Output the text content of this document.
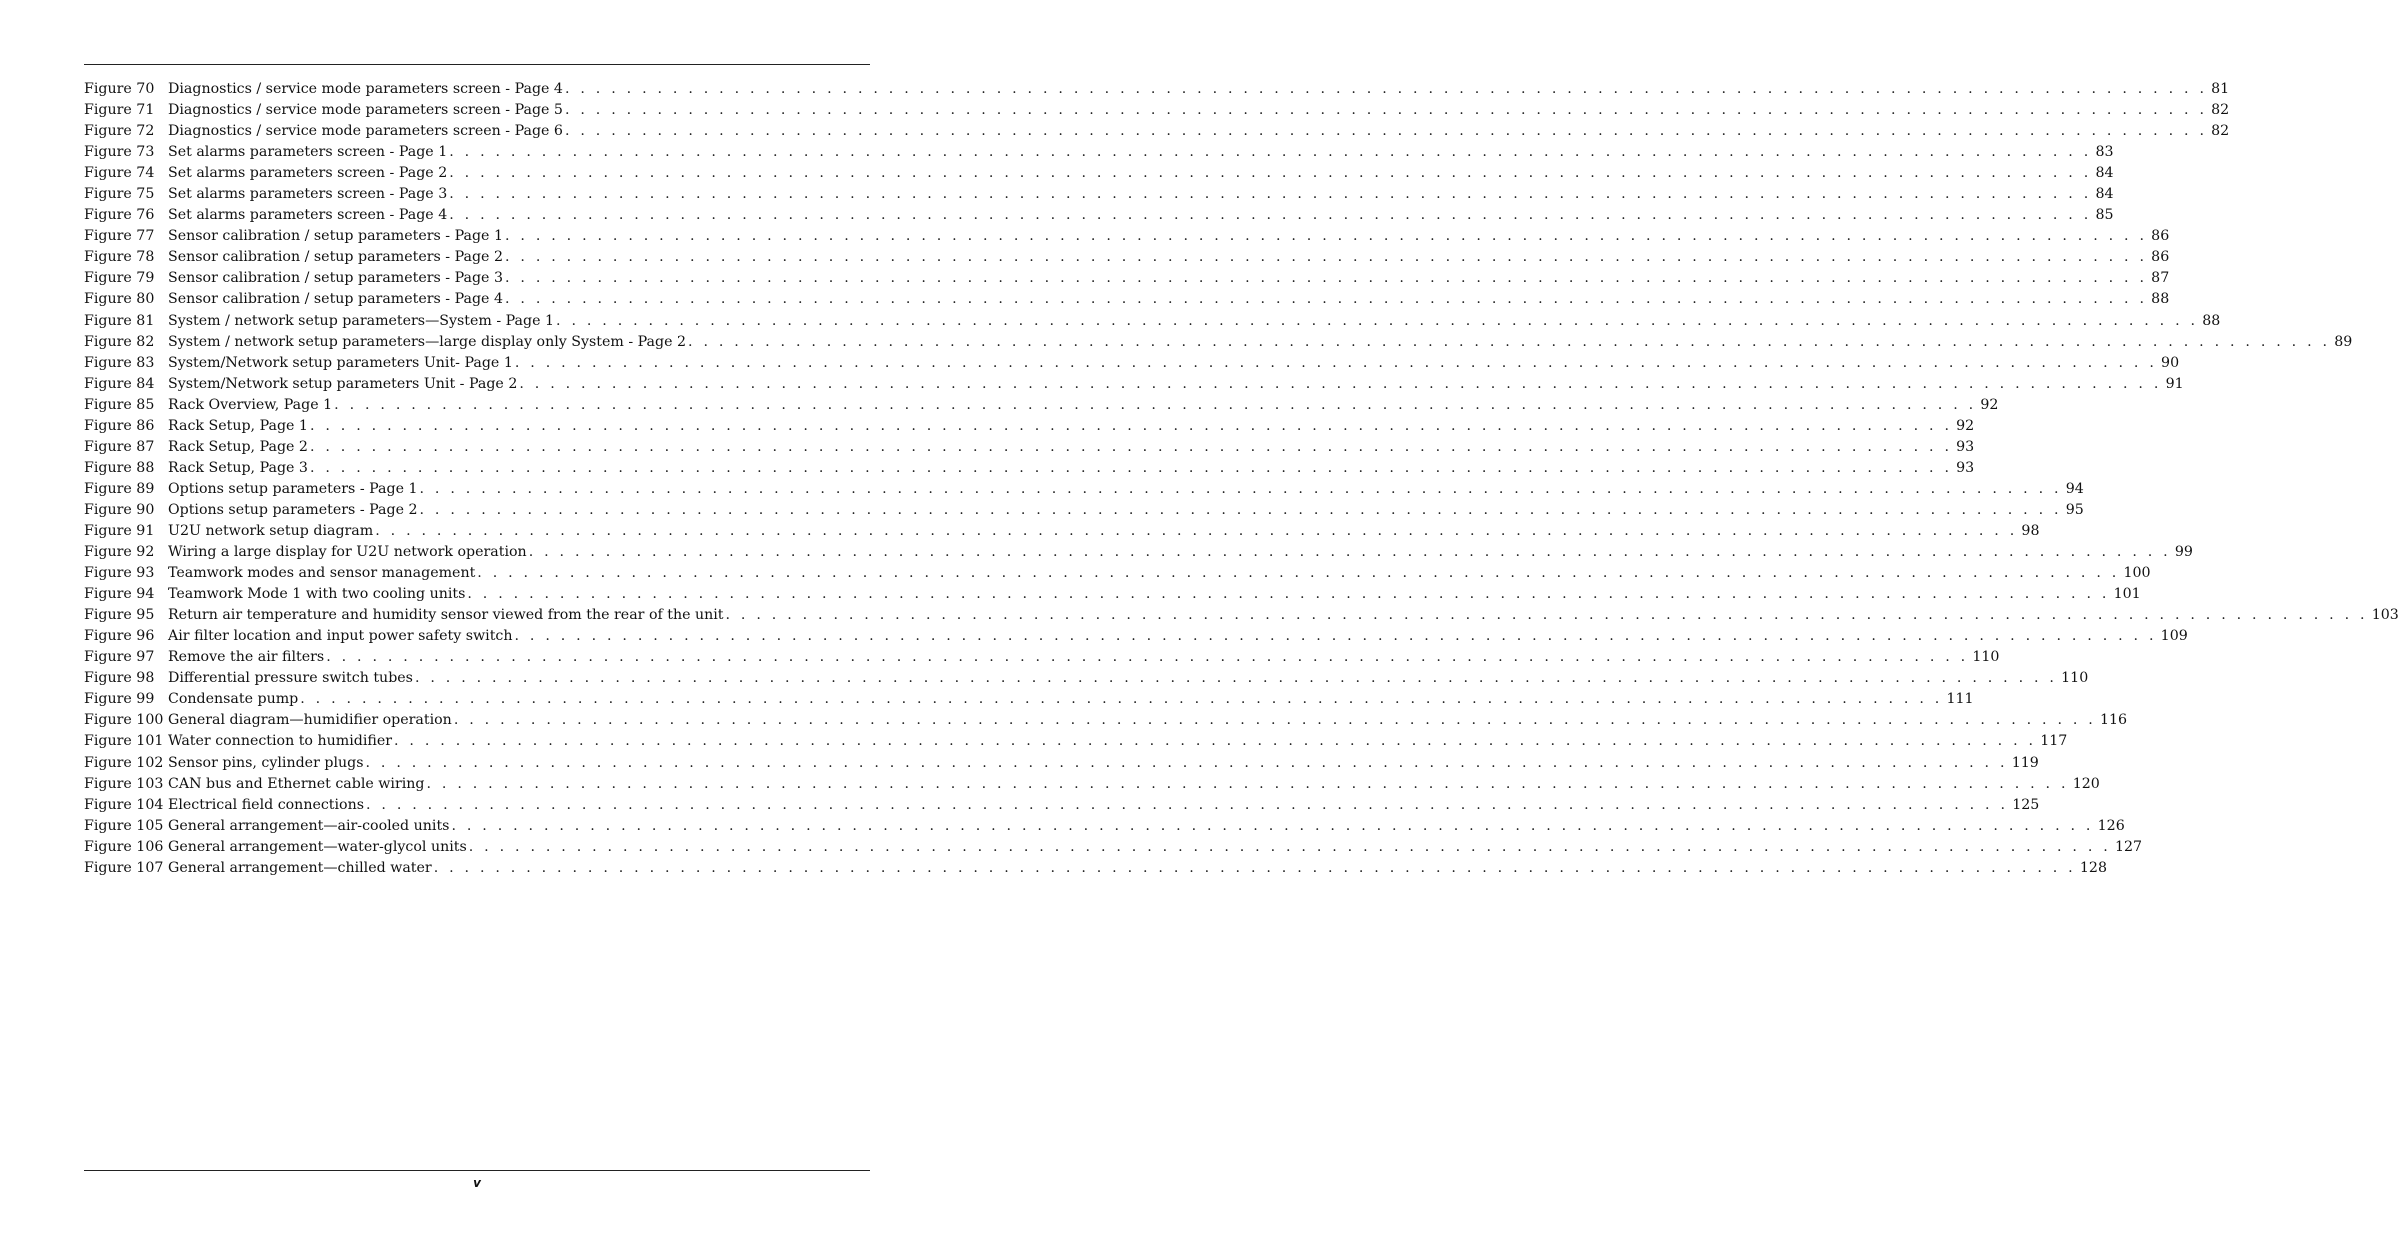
Figure 70 Diagnostics / service mode parameters screen - Page 4 . . .	81
Figure 71 Diagnostics / service mode parameters screen - Page 5 . . .	82
Figure 72 Diagnostics / service mode parameters screen - Page 6 . . .	82
Figure 73 Set alarms parameters screen - Page 1 . . .	83
Figure 74 Set alarms parameters screen - Page 2 . . .	84
Figure 75 Set alarms parameters screen - Page 3 . . .	84
Figure 76 Set alarms parameters screen - Page 4 . . .	85
Figure 77 Sensor calibration / setup parameters - Page 1 . . .	86
Figure 78 Sensor calibration / setup parameters - Page 2 . . .	86
Figure 79 Sensor calibration / setup parameters - Page 3 . . .	87
Figure 80 Sensor calibration / setup parameters - Page 4 . . .	88
Figure 81 System / network setup parameters—System - Page 1 . . .	88
Figure 82 System / network setup parameters—large display only System - Page 2 . . .	89
Figure 83 System/Network setup parameters Unit- Page 1 . . .	90
Figure 84 System/Network setup parameters Unit - Page 2 . . .	91
Figure 85 Rack Overview, Page 1 . . .	92
Figure 86 Rack Setup, Page 1 . . .	92
Figure 87 Rack Setup, Page 2 . . .	93
Figure 88 Rack Setup, Page 3 . . .	93
Figure 89 Options setup parameters - Page 1 . . .	94
Figure 90 Options setup parameters - Page 2 . . .	95
Figure 91 U2U network setup diagram . . .	98
Figure 92 Wiring a large display for U2U network operation . . .	99
Figure 93 Teamwork modes and sensor management . . .	100
Figure 94 Teamwork Mode 1 with two cooling units . . .	101
Figure 95 Return air temperature and humidity sensor viewed from the rear of the unit . . .	103
Figure 96 Air filter location and input power safety switch . . .	109
Figure 97 Remove the air filters . . .	110
Figure 98 Differential pressure switch tubes . . .	110
Figure 99 Condensate pump . . .	111
Figure 100 General diagram—humidifier operation . . .	116
Figure 101 Water connection to humidifier . . .	117
Figure 102 Sensor pins, cylinder plugs . . .	119
Figure 103 CAN bus and Ethernet cable wiring . . .	120
Figure 104 Electrical field connections . . .	125
Figure 105 General arrangement—air-cooled units . . .	126
Figure 106 General arrangement—water-glycol units . . .	127
Figure 107 General arrangement—chilled water . . .	128
v
